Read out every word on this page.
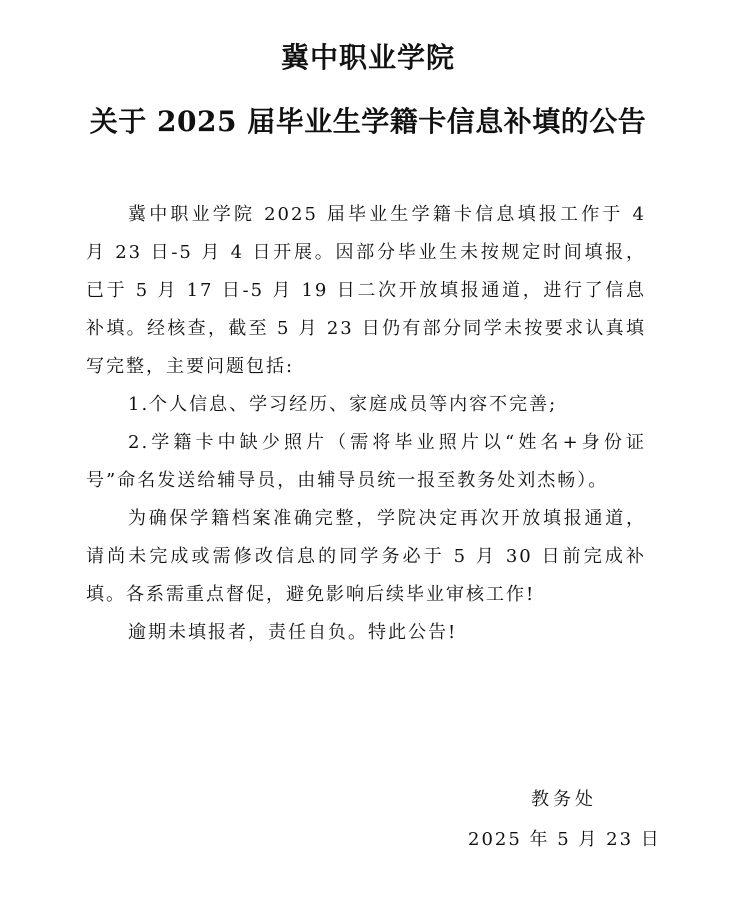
冀中职业学院
关于 2025 届毕业生学籍卡信息补填的公告

冀中职业学院 2025 届毕业生学籍卡信息填报工作于 4 月 23 日-5 月 4 日开展。因部分毕业生未按规定时间填报，已于 5 月 17 日-5 月 19 日二次开放填报通道，进行了信息补填。经核查，截至 5 月 23 日仍有部分同学未按要求认真填写完整，主要问题包括:

1.个人信息、学习经历、家庭成员等内容不完善;

2.学籍卡中缺少照片（需将毕业照片以“姓名+身份证号”命名发送给辅导员，由辅导员统一报至教务处刘杰畅）。

为确保学籍档案准确完整，学院决定再次开放填报通道，请尚未完成或需修改信息的同学务必于 5 月 30 日前完成补填。各系需重点督促，避免影响后续毕业审核工作!

逾期未填报者，责任自负。特此公告!

教务处
2025 年 5 月 23 日
